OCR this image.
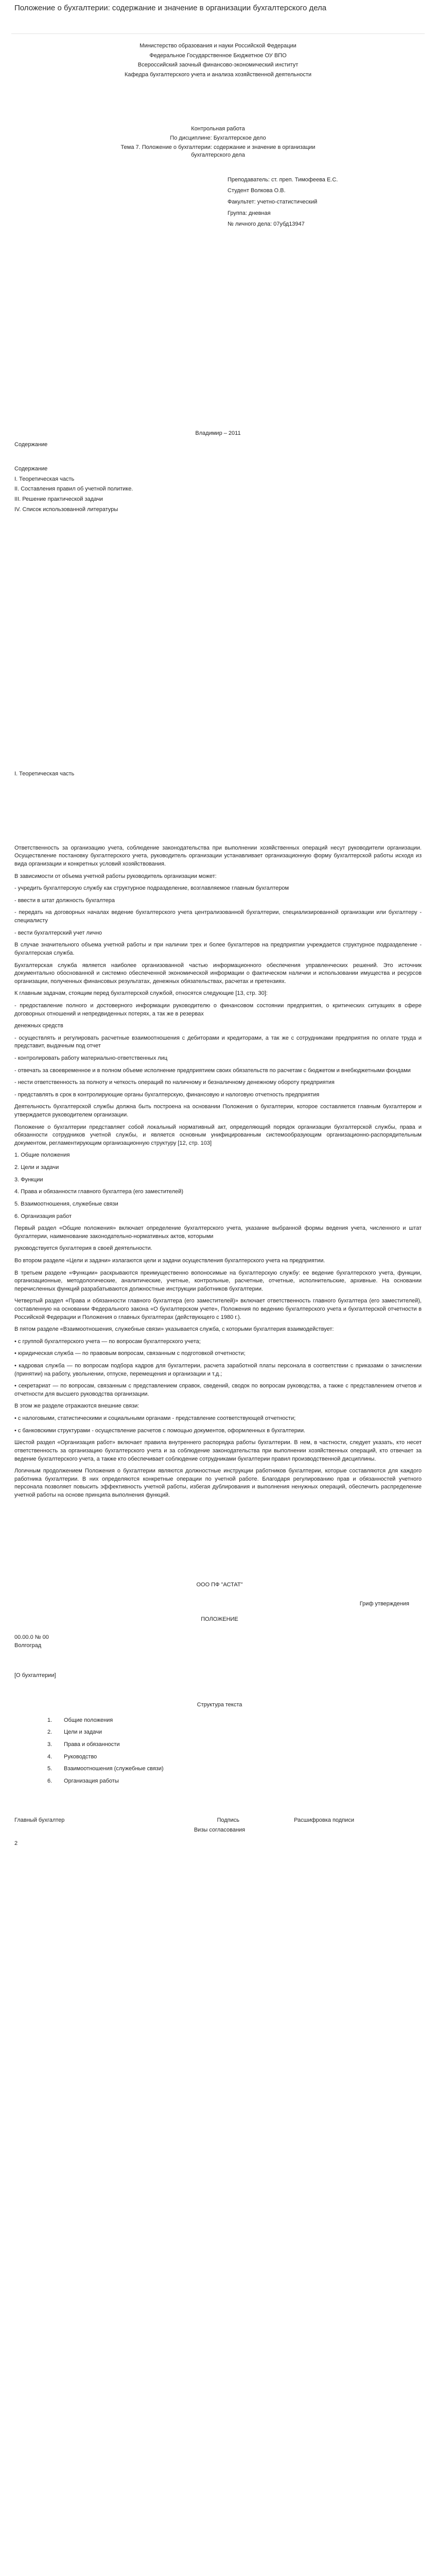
Положение о бухгалтерии: содержание и значение в организации бухгалтерского дела

Министерство образования и науки Российской Федерации

Федеральное Государственное Бюджетное ОУ ВПО

Всероссийский заочный финансово-экономический институт

Кафедра бухгалтерского учета и анализа хозяйственной деятельности

Контрольная работа

По дисциплине: Бухгалтерское дело

Тема 7. Положение о бухгалтерии: содержание и значение в организации бухгалтерского дела

Преподаватель: ст. преп. Тимофеева Е.С.

Студент Волкова О.В.

Факультет: учетно-статистический

Группа: дневная

№ личного дела: 07убд13947

Владимир – 2011

Содержание

Содержание

I. Теоретическая часть

II. Составления правил об учетной политике.

III. Решение практической задачи

IV. Список использованной литературы

I. Теоретическая часть

Ответственность за организацию учета, соблюдение законодательства при выполнении хозяйственных операций несут руководители организации. Осуществление постановку бухгалтерского учета, руководитель организации устанавливает организационную форму бухгалтерской работы исходя из вида организации и конкретных условий хозяйствования.

В зависимости от объема учетной работы руководитель организации может:

- учредить бухгалтерскую службу как структурное подразделение, возглавляемое главным бухгалтером

- ввести в штат должность бухгалтера

- передать на договорных началах ведение бухгалтерского учета централизованной бухгалтерии, специализированной организации или бухгалтеру - специалисту

- вести бухгалтерский учет лично

В случае значительного объема учетной работы и при наличии трех и более бухгалтеров на предприятии учреждается структурное подразделение - бухгалтерская служба.

Бухгалтерская служба является наиболее организованной частью информационного обеспечения управленческих решений. Это источник документально обоснованной и системно обеспеченной экономической информации о фактическом наличии и использовании имущества и ресурсов организации, полученных финансовых результатах, денежных обязательствах, расчетах и претензиях.

К главным задачам, стоящим перед бухгалтерской службой, относятся следующие [13, стр. 30]:

- предоставление полного и достоверного информации руководителю о финансовом состоянии предприятия, о критических ситуациях в сфере договорных отношений и непредвиденных потерях, а так же в резервах

денежных средств

- осуществлять и регулировать расчетные взаимоотношения с дебиторами и кредиторами, а так же с сотрудниками предприятия по оплате труда и представит, выдачным под отчет

- контролировать работу материально-ответственных лиц

- отвечать за своевременное и в полном объеме исполнение предприятием своих обязательств по расчетам с бюджетом и внебюджетными фондами

- нести ответственность за полноту и четкость операций по наличному и безналичному денежному обороту предприятия

- представлять в срок в контролирующие органы бухгалтерскую, финансовую и налоговую отчетность предприятия

Деятельность бухгалтерской службы должна быть построена на основании Положения о бухгалтерии, которое составляется главным бухгалтером и утверждается руководителем организации.

Положение о бухгалтерии представляет собой локальный нормативный акт, определяющий порядок организации бухгалтерской службы, права и обязанности сотрудников учетной службы, и является основным унифицированным системообразующим организационно-распорядительным документом, регламентирующим организационную структуру [12, стр. 103]

1. Общие положения

2. Цели и задачи

3. Функции

4. Права и обязанности главного бухгалтера (его заместителей)

5. Взаимоотношения, служебные связи

6. Организация работ

Первый раздел «Общие положения» включает определение бухгалтерского учета, указание выбранной формы ведения учета, численного и штат бухгалтерии, наименование законодательно-нормативных актов, которыми

руководствуется бухгалтерия в своей деятельности.

Во втором разделе «Цели и задачи» излагаются цели и задачи осуществления бухгалтерского учета на предприятии.

В третьем разделе «Функции» раскрываются преимущественно вопоносимые на бухгалтерскую службу: ее ведение бухгалтерского учета, функции, организационные, методологические, аналитические, учетные, контрольные, расчетные, отчетные, исполнительские, архивные. На основании перечисленных функций разрабатываются должностные инструкции работников бухгалтерии.

Четвертый раздел «Права и обязанности главного бухгалтера (его заместителей)» включает ответственность главного бухгалтера (его заместителей), составленную на основании Федерального закона «О бухгалтерском учете», Положения по ведению бухгалтерского учета и бухгалтерской отчетности в Российской Федерации и Положения о главных бухгалтерах (действующего с 1980 г.).

В пятом разделе «Взаимоотношения, служебные связи» указывается служба, с которыми бухгалтерия взаимодействует:

• с группой бухгалтерского учета — по вопросам бухгалтерского учета;

• юридическая служба — по правовым вопросам, связанным с подготовкой отчетности;

• кадровая служба — по вопросам подбора кадров для бухгалтерии, расчета заработной платы персонала в соответствии с приказами о зачислении (принятии) на работу, увольнении, отпуске, перемещения и организации и т.д.;

• секретариат — по вопросам, связанным с представлением справок, сведений, сводок по вопросам руководства, а также с представлением отчетов и отчетности для высшего руководства организации.

В этом же разделе отражаются внешние связи:

• с налоговыми, статистическими и социальными органами - представление соответствующей отчетности;

• с банковскими структурами - осуществление расчетов с помощью документов, оформленных в бухгалтерии.

Шестой раздел «Организация работ» включает правила внутреннего распорядка работы бухгалтерии. В нем, в частности, следует указать, кто несет ответственность за организацию бухгалтерского учета и за соблюдение законодательства при выполнении хозяйственных операций, кто отвечает за ведение бухгалтерского учета, а также кто обеспечивает соблюдение сотрудниками бухгалтерии правил производственной дисциплины.

Логичным продолжением Положения о бухгалтерии являются должностные инструкции работников бухгалтерии, которые составляются для каждого работника бухгалтерии. В них определяются конкретные операции по учетной работе. Благодаря регулированию прав и обязанностей учетного персонала позволяет повысить эффективность учетной работы, избегая дублирования и выполнения ненужных операций, обеспечить распределение учетной работы на основе принципа выполнения функций.

ООО ПФ "АСТАТ"

Гриф утверждения

ПОЛОЖЕНИЕ

00.00.0 № 00

Волгоград

[О бухгалтерии]

Структура текста

1. Общие положения
2. Цели и задачи
3. Права и обязанности
4. Руководство
5. Взаимоотношения (служебные связи)
6. Организация работы
Главный бухгалтер	Подпись	Расшифровка подписи

Визы согласования

2
